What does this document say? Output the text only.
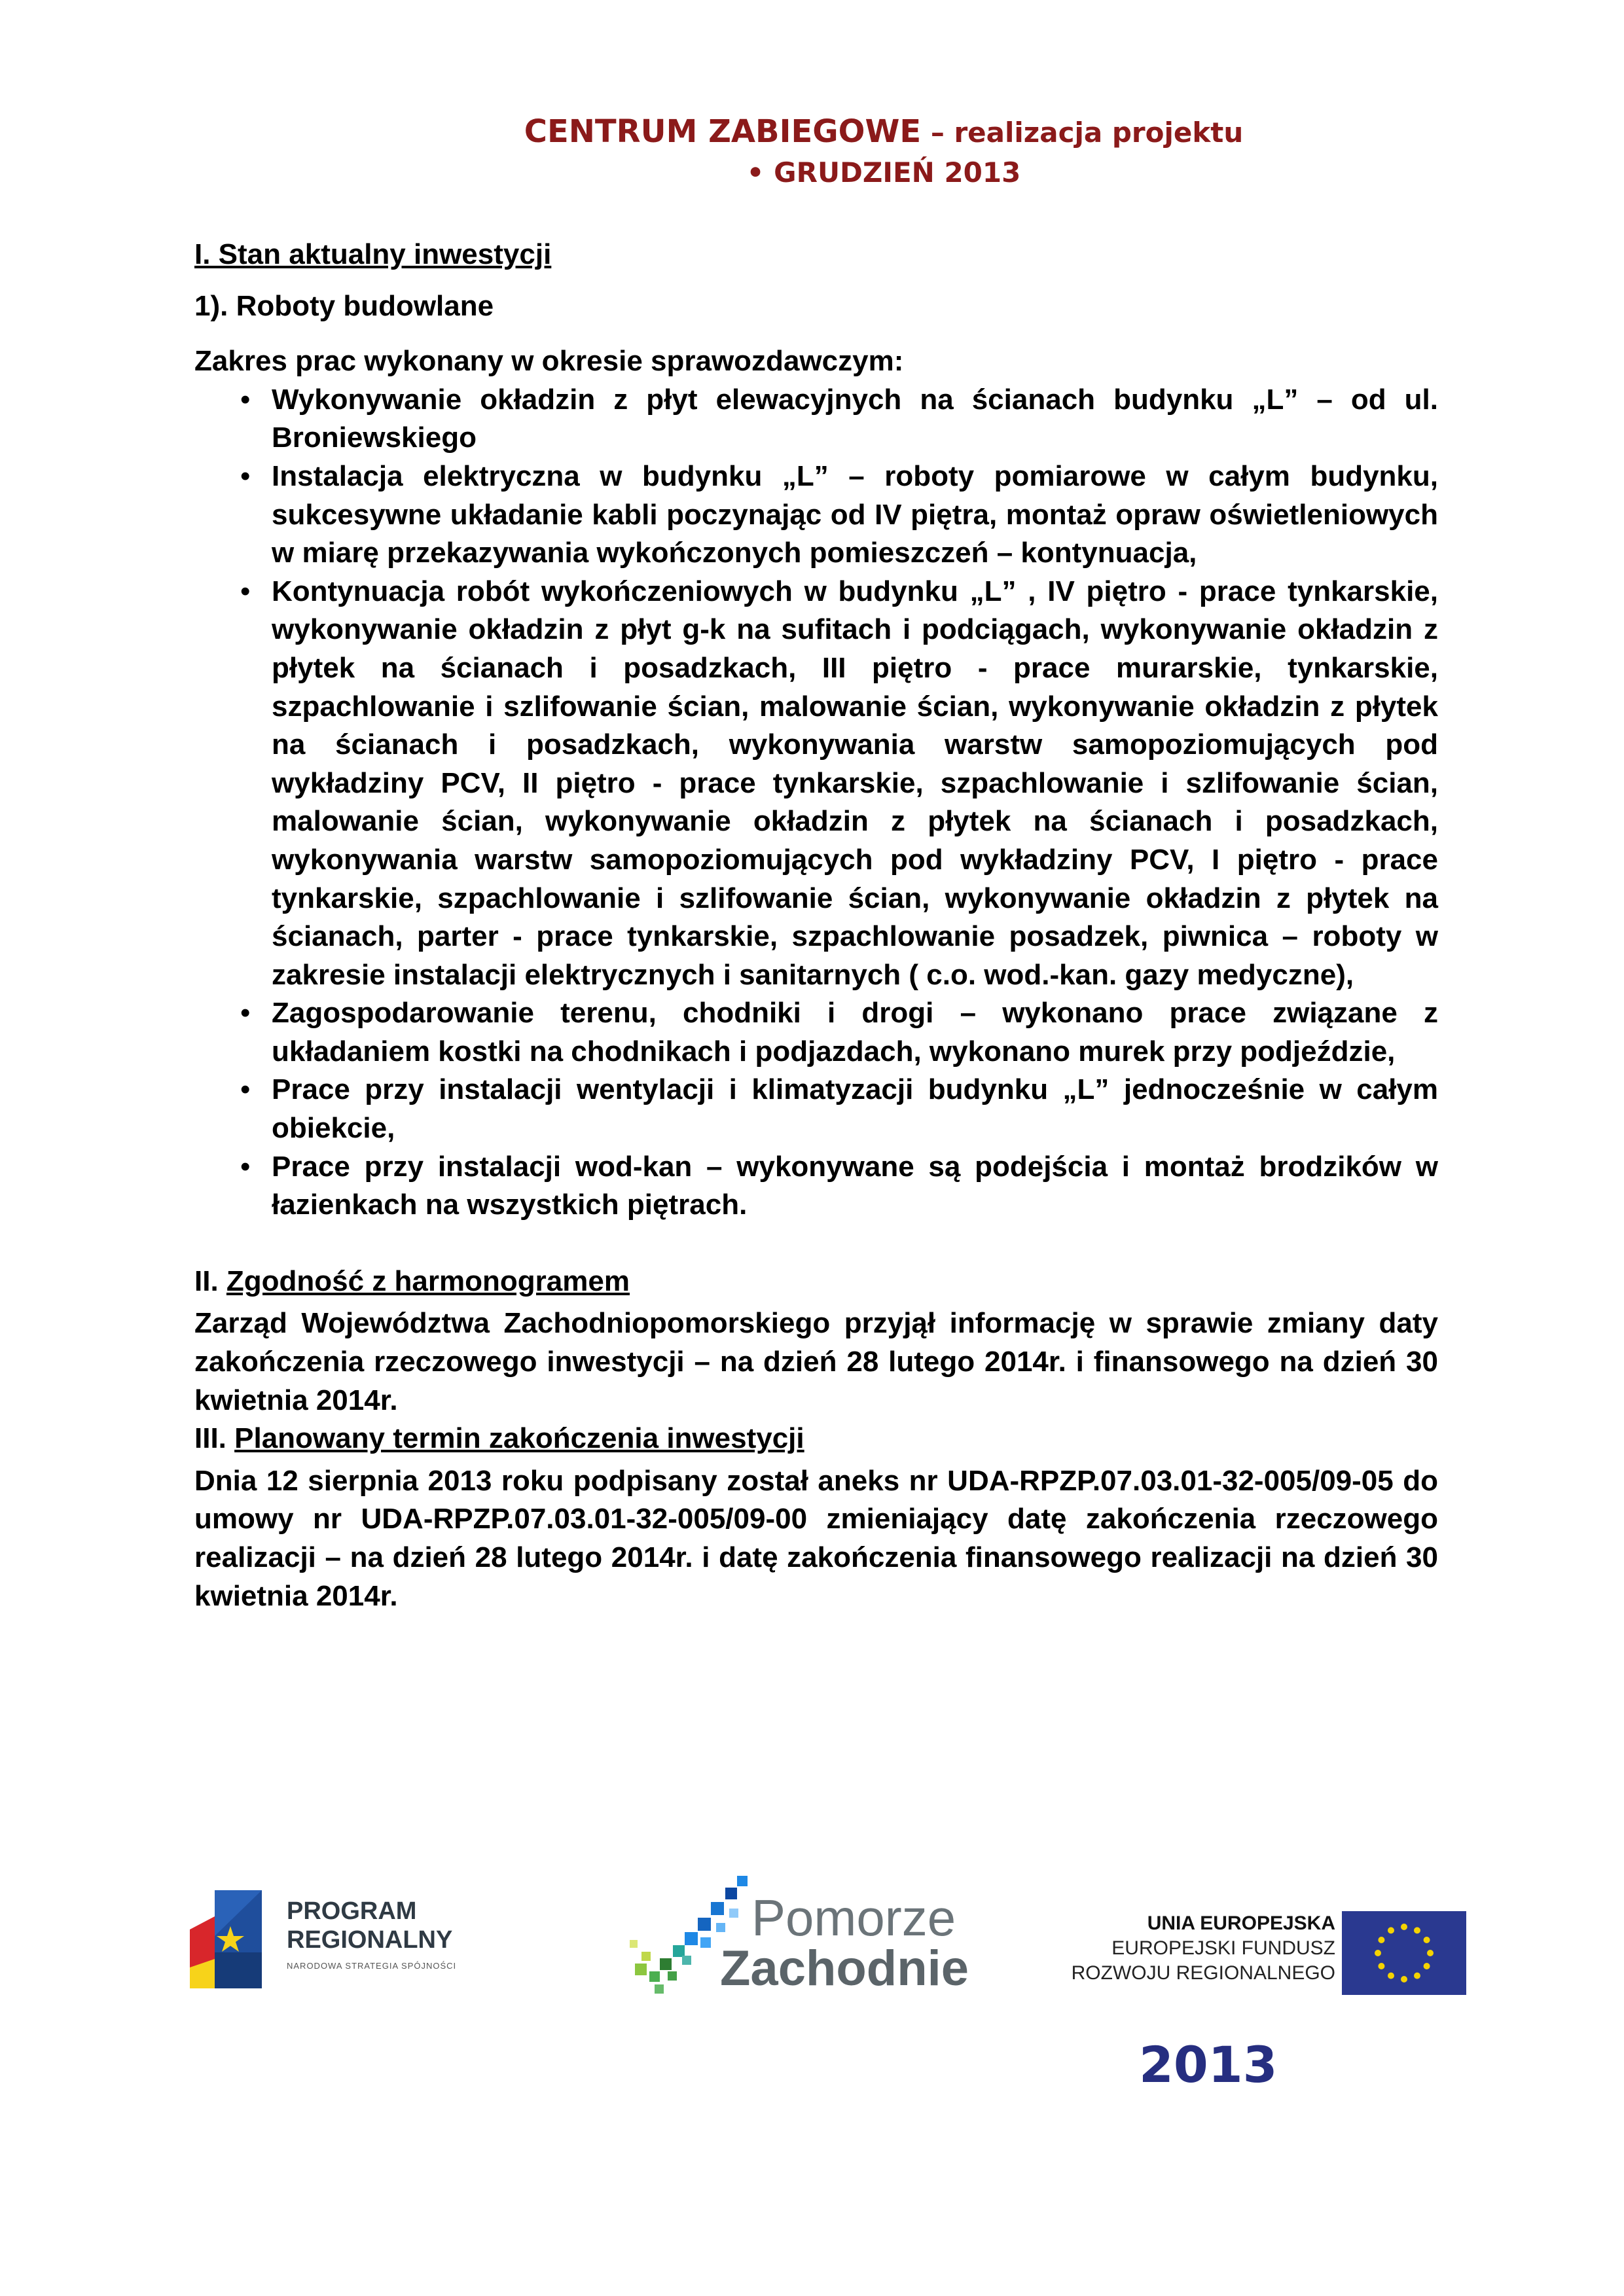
CENTRUM ZABIEGOWE – realizacja projektu
• GRUDZIEŃ 2013

I. Stan aktualny inwestycji

1). Roboty budowlane

Zakres prac wykonany w okresie sprawozdawczym:

• Wykonywanie okładzin z płyt elewacyjnych na ścianach budynku „L” – od ul. Broniewskiego
• Instalacja elektryczna w budynku „L” – roboty pomiarowe w całym budynku, sukcesywne układanie kabli poczynając od IV piętra, montaż opraw oświetleniowych w miarę przekazywania wykończonych pomieszczeń – kontynuacja,
• Kontynuacja robót wykończeniowych w budynku „L” , IV piętro - prace tynkarskie, wykonywanie okładzin z płyt g-k na sufitach i podciągach, wykonywanie okładzin z płytek na ścianach i posadzkach, III piętro - prace murarskie, tynkarskie, szpachlowanie i szlifowanie ścian, malowanie ścian, wykonywanie okładzin z płytek na ścianach i posadzkach, wykonywania warstw samopoziomujących pod wykładziny PCV, II piętro - prace tynkarskie, szpachlowanie i szlifowanie ścian, malowanie ścian, wykonywanie okładzin z płytek na ścianach i posadzkach, wykonywania warstw samopoziomujących pod wykładziny PCV, I piętro - prace tynkarskie, szpachlowanie i szlifowanie ścian, wykonywanie okładzin z płytek na ścianach, parter - prace tynkarskie, szpachlowanie posadzek, piwnica – roboty w zakresie instalacji elektrycznych i sanitarnych ( c.o. wod.-kan. gazy medyczne),
• Zagospodarowanie terenu, chodniki i drogi – wykonano prace związane z układaniem kostki na chodnikach i podjazdach, wykonano murek przy podjeździe,
• Prace przy instalacji wentylacji i klimatyzacji budynku „L” jednocześnie w całym obiekcie,
• Prace przy instalacji wod-kan – wykonywane są podejścia i montaż brodzików w łazienkach na wszystkich piętrach.

II. Zgodność z harmonogramem

Zarząd Województwa Zachodniopomorskiego przyjął informację w sprawie zmiany daty zakończenia rzeczowego inwestycji – na dzień 28 lutego 2014r. i finansowego na dzień 30 kwietnia 2014r.

III. Planowany termin zakończenia inwestycji

Dnia 12 sierpnia 2013 roku podpisany został aneks nr UDA-RPZP.07.03.01-32-005/09-05 do umowy nr UDA-RPZP.07.03.01-32-005/09-00 zmieniający datę zakończenia rzeczowego realizacji – na dzień 28 lutego 2014r. i datę zakończenia finansowego realizacji na dzień 30 kwietnia 2014r.

PROGRAM
REGIONALNY
NARODOWA STRATEGIA SPÓJNOŚCI
Pomorze
Zachodnie
UNIA EUROPEJSKA
EUROPEJSKI FUNDUSZ
ROZWOJU REGIONALNEGO
2013
